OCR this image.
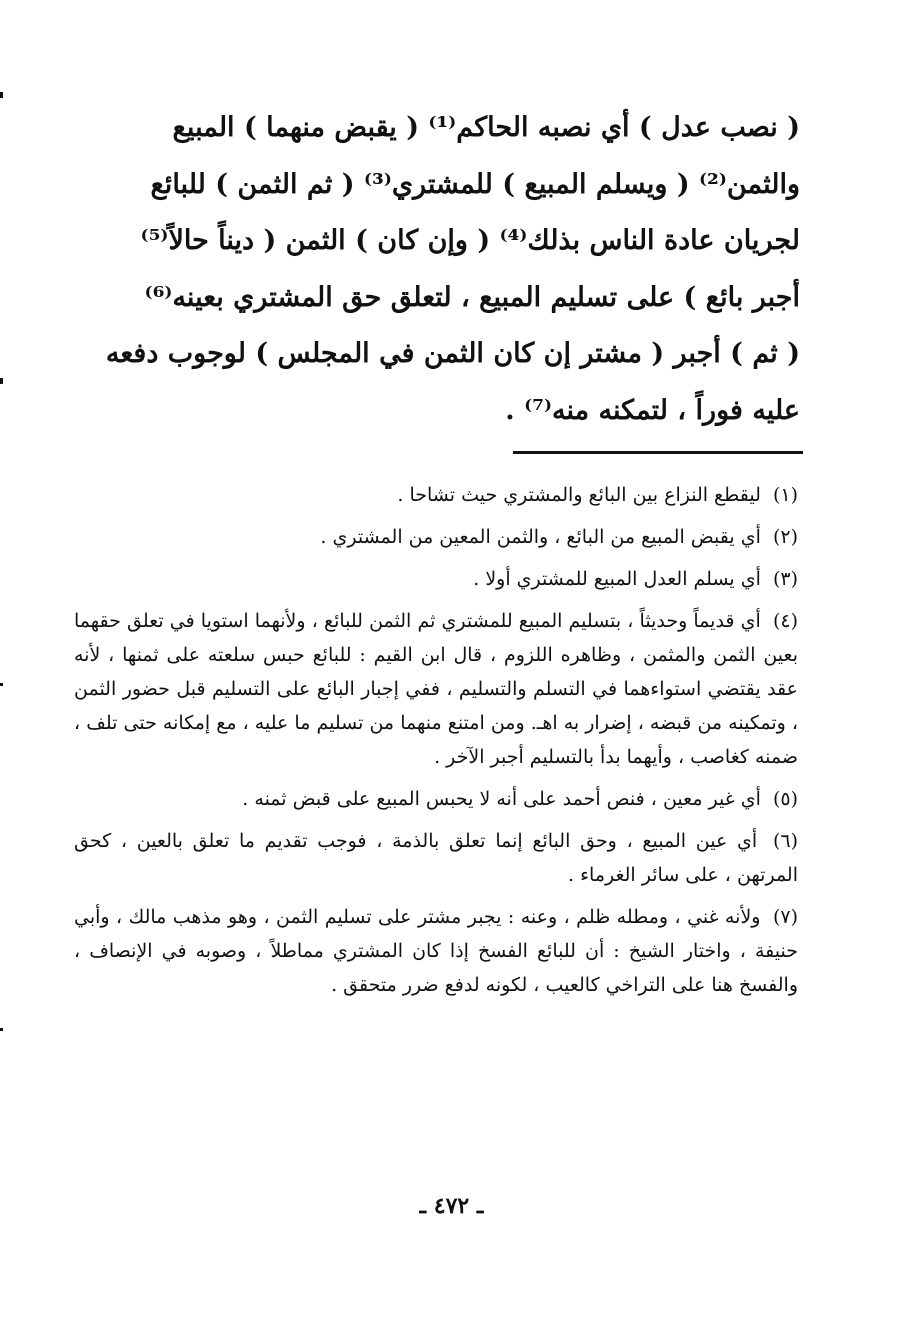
( نصب عدل ) أي نصبه الحاكم⁽¹⁾ ( يقبض منهما ) المبيع
والثمن⁽²⁾ ( ويسلم المبيع ) للمشتري⁽³⁾ ( ثم الثمن ) للبائع
لجريان عادة الناس بذلك⁽⁴⁾ ( وإن كان ) الثمن ( ديناً حالاً⁽⁵⁾
أجبر بائع ) على تسليم المبيع ، لتعلق حق المشتري بعينه⁽⁶⁾
( ثم ) أجبر ( مشتر إن كان الثمن في المجلس ) لوجوب دفعه
عليه فوراً ، لتمكنه منه⁽⁷⁾ .

(١) ليقطع النزاع بين البائع والمشتري حيث تشاحا .

(٢) أي يقبض المبيع من البائع ، والثمن المعين من المشتري .

(٣) أي يسلم العدل المبيع للمشتري أولا .

(٤) أي قديماً وحديثاً ، بتسليم المبيع للمشتري ثم الثمن للبائع ، ولأنهما استويا في تعلق حقهما بعين الثمن والمثمن ، وظاهره اللزوم ، قال ابن القيم : للبائع حبس سلعته على ثمنها ، لأنه عقد يقتضي استواءهما في التسلم والتسليم ، ففي إجبار البائع على التسليم قبل حضور الثمن ، وتمكينه من قبضه ، إضرار به اهـ. ومن امتنع منهما من تسليم ما عليه ، مع إمكانه حتى تلف ، ضمنه كغاصب ، وأيهما بدأ بالتسليم أجبر الآخر .

(٥) أي غير معين ، فنص أحمد على أنه لا يحبس المبيع على قبض ثمنه .

(٦) أي عين المبيع ، وحق البائع إنما تعلق بالذمة ، فوجب تقديم ما تعلق بالعين ، كحق المرتهن ، على سائر الغرماء .

(٧) ولأنه غني ، ومطله ظلم ، وعنه : يجبر مشتر على تسليم الثمن ، وهو مذهب مالك ، وأبي حنيفة ، واختار الشيخ : أن للبائع الفسخ إذا كان المشتري مماطلاً ، وصوبه في الإنصاف ، والفسخ هنا على التراخي كالعيب ، لكونه لدفع ضرر متحقق .

ـ ٤٧٢ ـ
